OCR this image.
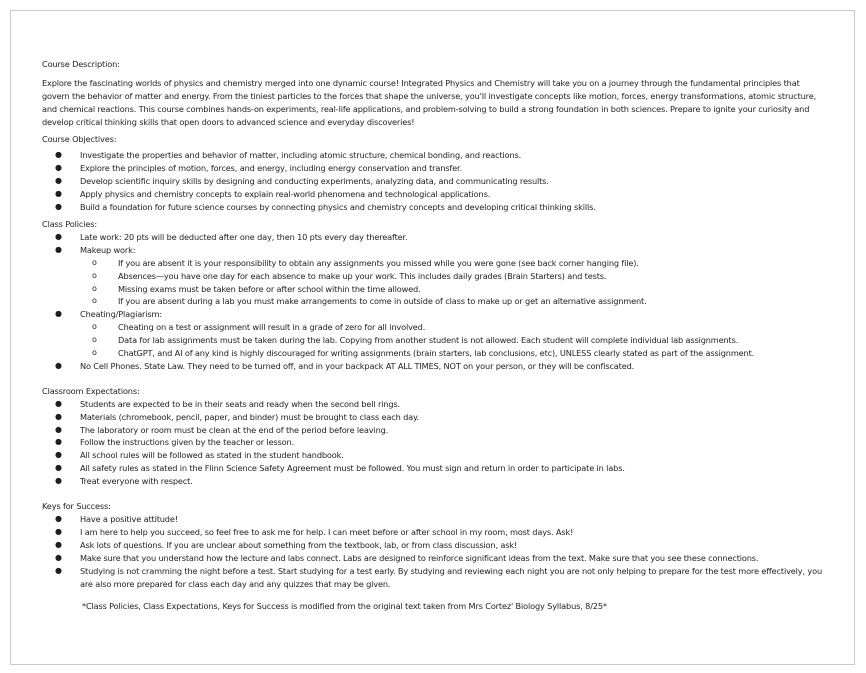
Course Description:
Explore the fascinating worlds of physics and chemistry merged into one dynamic course! Integrated Physics and Chemistry will take you on a journey through the fundamental principles that govern the behavior of matter and energy. From the tiniest particles to the forces that shape the universe, you'll investigate concepts like motion, forces, energy transformations, atomic structure, and chemical reactions. This course combines hands-on experiments, real-life applications, and problem-solving to build a strong foundation in both sciences. Prepare to ignite your curiosity and develop critical thinking skills that open doors to advanced science and everyday discoveries!
Course Objectives:
● Investigate the properties and behavior of matter, including atomic structure, chemical bonding, and reactions.
● Explore the principles of motion, forces, and energy, including energy conservation and transfer.
● Develop scientific inquiry skills by designing and conducting experiments, analyzing data, and communicating results.
● Apply physics and chemistry concepts to explain real-world phenomena and technological applications.
● Build a foundation for future science courses by connecting physics and chemistry concepts and developing critical thinking skills.
Class Policies:
● Late work: 20 pts will be deducted after one day, then 10 pts every day thereafter.
● Makeup work:
o	If you are absent it is your responsibility to obtain any assignments you missed while you were gone (see back corner hanging file).
o	Absences—you have one day for each absence to make up your work. This includes daily grades (Brain Starters) and tests.
o	Missing exams must be taken before or after school within the time allowed.
o	If you are absent during a lab you must make arrangements to come in outside of class to make up or get an alternative assignment.
● Cheating/Plagiarism:
o	Cheating on a test or assignment will result in a grade of zero for all involved.
o	Data for lab assignments must be taken during the lab. Copying from another student is not allowed. Each student will complete individual lab assignments.
o	ChatGPT, and AI of any kind is highly discouraged for writing assignments (brain starters, lab conclusions, etc), UNLESS clearly stated as part of the assignment.
● No Cell Phones. State Law. They need to be turned off, and in your backpack AT ALL TIMES, NOT on your person, or they will be confiscated.
Classroom Expectations:
● Students are expected to be in their seats and ready when the second bell rings.
● Materials (chromebook, pencil, paper, and binder) must be brought to class each day.
● The laboratory or room must be clean at the end of the period before leaving.
● Follow the instructions given by the teacher or lesson.
● All school rules will be followed as stated in the student handbook.
● All safety rules as stated in the Flinn Science Safety Agreement must be followed. You must sign and return in order to participate in labs.
● Treat everyone with respect.
Keys for Success:
● Have a positive attitude!
● I am here to help you succeed, so feel free to ask me for help. I can meet before or after school in my room, most days. Ask!
● Ask lots of questions. If you are unclear about something from the textbook, lab, or from class discussion, ask!
● Make sure that you understand how the lecture and labs connect. Labs are designed to reinforce significant ideas from the text. Make sure that you see these connections.
● Studying is not cramming the night before a test. Start studying for a test early. By studying and reviewing each night you are not only helping to prepare for the test more effectively, you are also more prepared for class each day and any quizzes that may be given.
*Class Policies, Class Expectations, Keys for Success is modified from the original text taken from Mrs Cortez' Biology Syllabus, 8/25*
